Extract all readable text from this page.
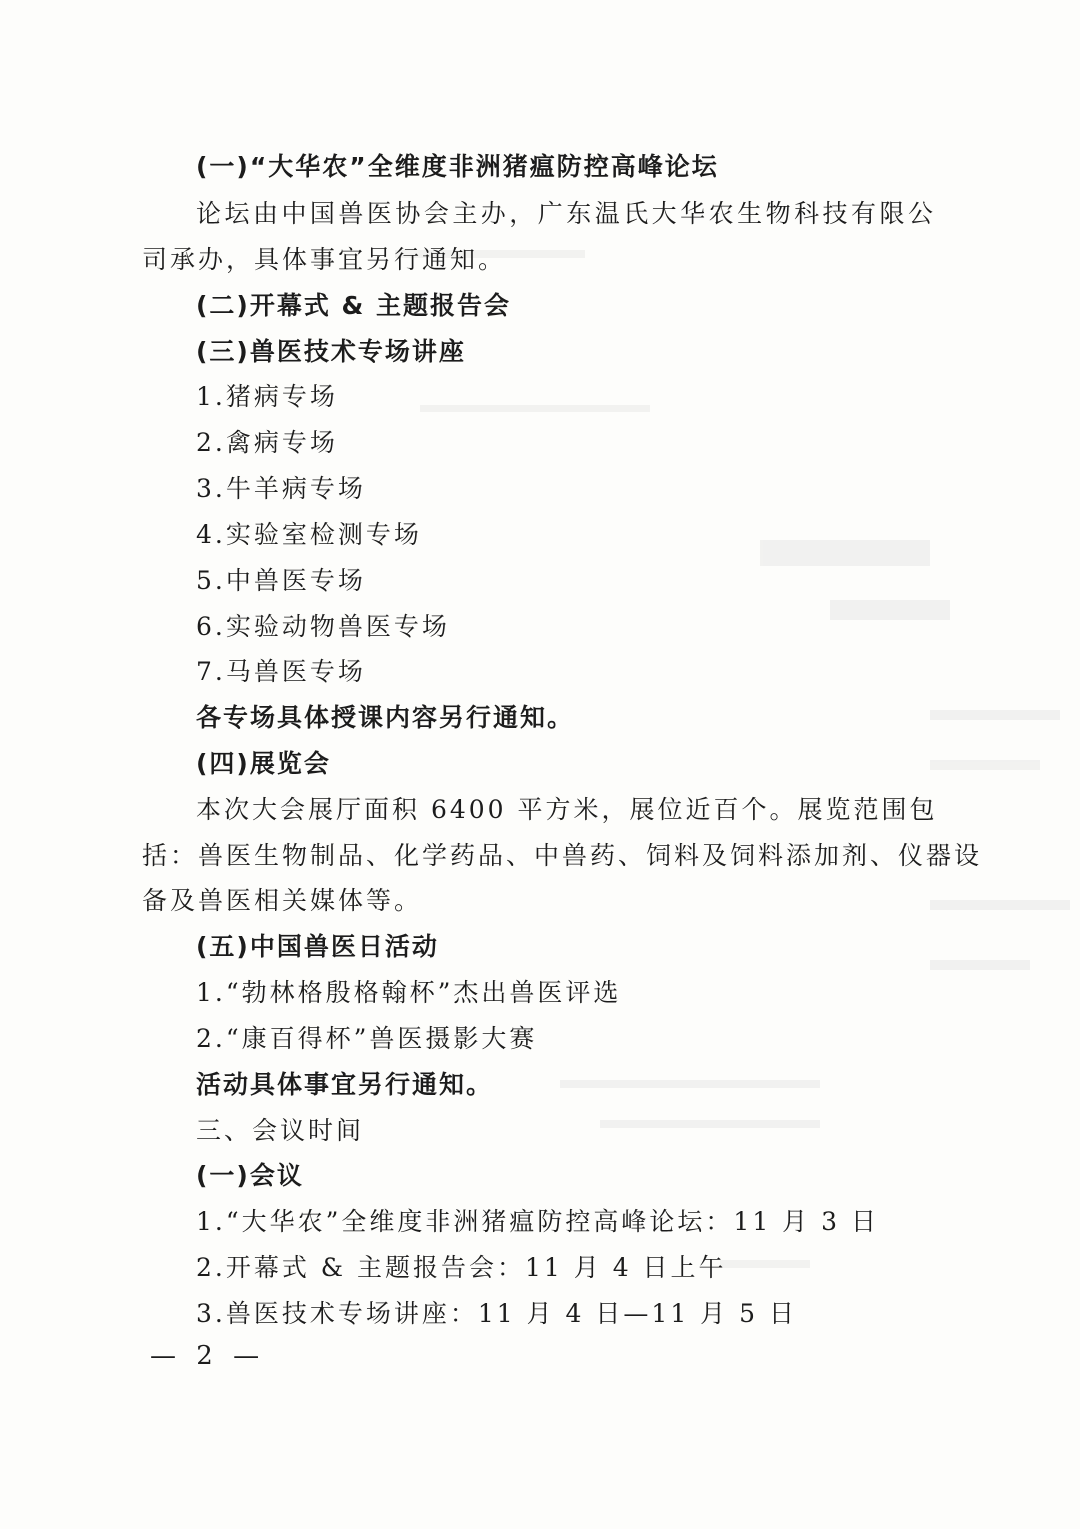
(一)“大华农”全维度非洲猪瘟防控高峰论坛
论坛由中国兽医协会主办，广东温氏大华农生物科技有限公
司承办，具体事宜另行通知。
(二)开幕式 & 主题报告会
(三)兽医技术专场讲座
1.猪病专场
2.禽病专场
3.牛羊病专场
4.实验室检测专场
5.中兽医专场
6.实验动物兽医专场
7.马兽医专场
各专场具体授课内容另行通知。
(四)展览会
本次大会展厅面积 6400 平方米，展位近百个。展览范围包
括：兽医生物制品、化学药品、中兽药、饲料及饲料添加剂、仪器设
备及兽医相关媒体等。
(五)中国兽医日活动
1.“勃林格殷格翰杯”杰出兽医评选
2.“康百得杯”兽医摄影大赛
活动具体事宜另行通知。
三、会议时间
(一)会议
1.“大华农”全维度非洲猪瘟防控高峰论坛：11 月 3 日
2.开幕式 & 主题报告会：11 月 4 日上午
3.兽医技术专场讲座：11 月 4 日—11 月 5 日
— 2 —
